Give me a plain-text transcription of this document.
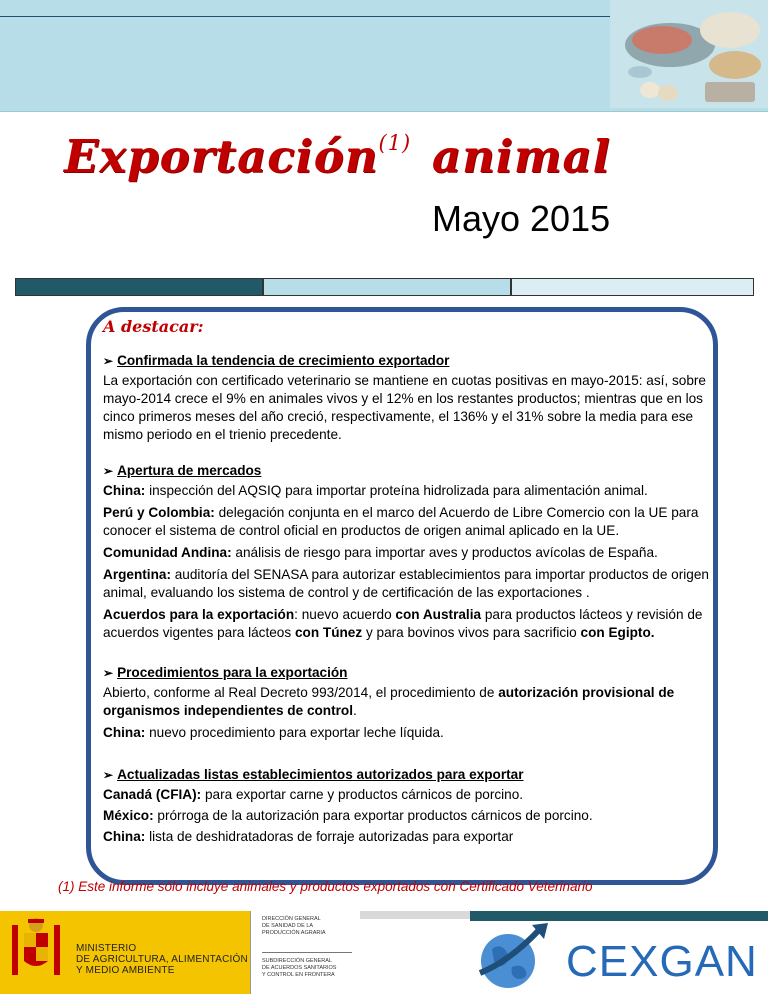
Exportación$^{(1)}$ animal
Mayo 2015
A destacar:
➢ Confirmada la tendencia de crecimiento exportador
La exportación con certificado veterinario se mantiene en cuotas positivas en mayo-2015: así, sobre mayo-2014 crece el 9% en animales vivos y el 12% en los restantes productos; mientras que en los cinco primeros meses del año creció, respectivamente, el 136% y el 31% sobre la media para ese mismo periodo en el trienio precedente.
➢ Apertura de mercados
China: inspección del AQSIQ para importar proteína hidrolizada para alimentación animal.
Perú y Colombia: delegación conjunta en el marco del Acuerdo de Libre Comercio con la UE para conocer el sistema de control oficial en productos de origen animal aplicado en la UE.
Comunidad Andina: análisis de riesgo para importar aves y productos avícolas de España.
Argentina: auditoría del SENASA para autorizar establecimientos para importar productos de origen animal, evaluando los sistema de control y de certificación de las exportaciones .
Acuerdos para la exportación: nuevo acuerdo con Australia para productos lácteos y revisión de acuerdos vigentes para lácteos con Túnez y para bovinos vivos para sacrificio con Egipto.
➢ Procedimientos para la exportación
Abierto, conforme al Real Decreto 993/2014, el procedimiento de autorización provisional de organismos independientes de control.
China: nuevo procedimiento para exportar leche líquida.
➢ Actualizadas listas establecimientos autorizados para exportar
Canadá (CFIA): para exportar carne y productos cárnicos de porcino.
México: prórroga de la autorización para exportar productos cárnicos de porcino.
China: lista de deshidratadoras de forraje autorizadas para exportar
(1) Este informe sólo incluye animales y productos exportados con Certificado Veterinario
MINISTERIO
DE AGRICULTURA, ALIMENTACIÓN
Y MEDIO AMBIENTE
DIRECCIÓN GENERAL
DE SANIDAD DE LA
PRODUCCIÓN AGRARIA
SUBDIRECCIÓN GENERAL
DE ACUERDOS SANITARIOS
Y CONTROL EN FRONTERA	CEXGAN
